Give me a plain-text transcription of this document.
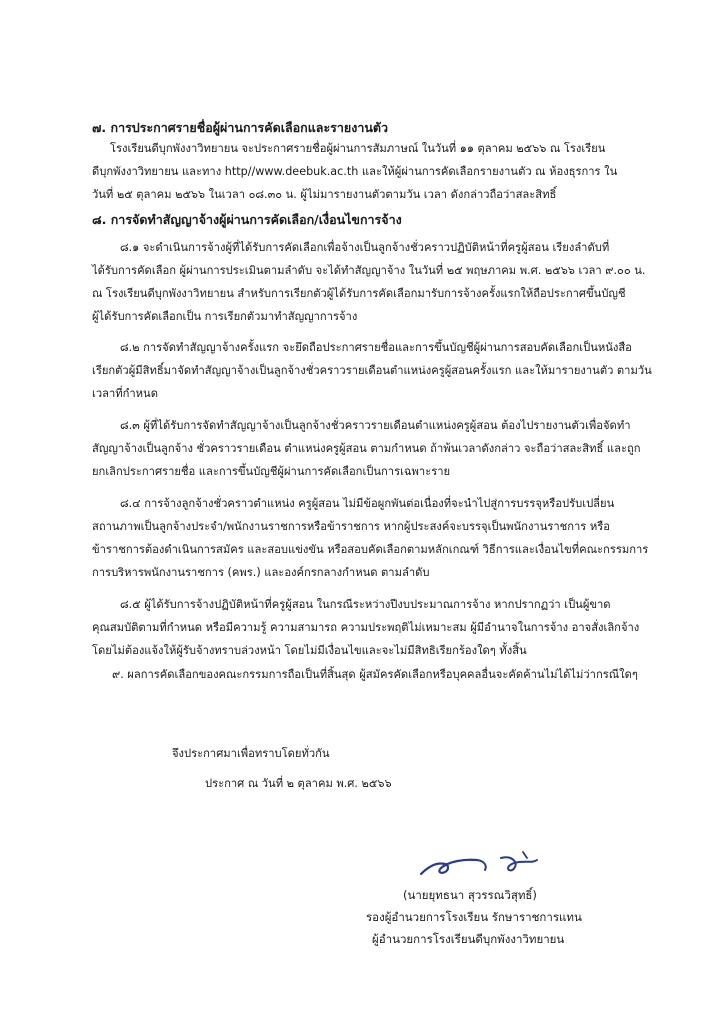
๗. การประกาศรายชื่อผู้ผ่านการคัดเลือกและรายงานตัว
โรงเรียนดีบุกพังงาวิทยายน จะประกาศรายชื่อผู้ผ่านการสัมภาษณ์ ในวันที่ ๑๑ ตุลาคม ๒๕๖๖ ณ โรงเรียน
ดีบุกพังงาวิทยายน และทาง http//www.deebuk.ac.th และให้ผู้ผ่านการคัดเลือกรายงานตัว ณ ห้องธุรการ ใน
วันที่ ๒๕ ตุลาคม ๒๕๖๖ ในเวลา ๐๘.๓๐ น. ผู้ไม่มารายงานตัวตามวัน เวลา ดังกล่าวถือว่าสละสิทธิ์
๘. การจัดทำสัญญาจ้างผู้ผ่านการคัดเลือก/เงื่อนไขการจ้าง
๘.๑ จะดำเนินการจ้างผู้ที่ได้รับการคัดเลือกเพื่อจ้างเป็นลูกจ้างชั่วคราวปฏิบัติหน้าที่ครูผู้สอน เรียงลำดับที่
ได้รับการคัดเลือก ผู้ผ่านการประเมินตามลำดับ จะได้ทำสัญญาจ้าง ในวันที่ ๒๕ พฤษภาคม พ.ศ. ๒๕๖๖ เวลา ๙.๐๐ น.
ณ โรงเรียนดีบุกพังงาวิทยายน สำหรับการเรียกตัวผู้ได้รับการคัดเลือกมารับการจ้างครั้งแรกให้ถือประกาศขึ้นบัญชี
ผู้ได้รับการคัดเลือกเป็น การเรียกตัวมาทำสัญญาการจ้าง
๘.๒ การจัดทำสัญญาจ้างครั้งแรก จะยึดถือประกาศรายชื่อและการขึ้นบัญชีผู้ผ่านการสอบคัดเลือกเป็นหนังสือ
เรียกตัวผู้มีสิทธิ์มาจัดทำสัญญาจ้างเป็นลูกจ้างชั่วคราวรายเดือนตำแหน่งครูผู้สอนครั้งแรก และให้มารายงานตัว ตามวัน
เวลาที่กำหนด
๘.๓ ผู้ที่ได้รับการจัดทำสัญญาจ้างเป็นลูกจ้างชั่วคราวรายเดือนตำแหน่งครูผู้สอน ต้องไปรายงานตัวเพื่อจัดทำ
สัญญาจ้างเป็นลูกจ้าง ชั่วคราวรายเดือน ตำแหน่งครูผู้สอน ตามกำหนด ถ้าพ้นเวลาดังกล่าว จะถือว่าสละสิทธิ์ และถูก
ยกเลิกประกาศรายชื่อ และการขึ้นบัญชีผู้ผ่านการคัดเลือกเป็นการเฉพาะราย
๘.๔ การจ้างลูกจ้างชั่วคราวตำแหน่ง ครูผู้สอน ไม่มีข้อผูกพันต่อเนื่องที่จะนำไปสู่การบรรจุหรือปรับเปลี่ยน
สถานภาพเป็นลูกจ้างประจำ/พนักงานราชการหรือข้าราชการ หากผู้ประสงค์จะบรรจุเป็นพนักงานราชการ หรือ
ข้าราชการต้องดำเนินการสมัคร และสอบแข่งขัน หรือสอบคัดเลือกตามหลักเกณฑ์ วิธีการและเงื่อนไขที่คณะกรรมการ
การบริหารพนักงานราชการ (คพร.) และองค์กรกลางกำหนด ตามลำดับ
๘.๕ ผู้ได้รับการจ้างปฏิบัติหน้าที่ครูผู้สอน ในกรณีระหว่างปีงบประมาณการจ้าง หากปรากฏว่า เป็นผู้ขาด
คุณสมบัติตามที่กำหนด หรือมีความรู้ ความสามารถ ความประพฤติไม่เหมาะสม ผู้มีอำนาจในการจ้าง อาจสั่งเลิกจ้าง
โดยไม่ต้องแจ้งให้ผู้รับจ้างทราบล่วงหน้า โดยไม่มีเงื่อนไขและจะไม่มีสิทธิเรียกร้องใดๆ ทั้งสิ้น
๙. ผลการคัดเลือกของคณะกรรมการถือเป็นที่สิ้นสุด ผู้สมัครคัดเลือกหรือบุคคลอื่นจะคัดค้านไม่ได้ไม่ว่ากรณีใดๆ
จึงประกาศมาเพื่อทราบโดยทั่วกัน
ประกาศ ณ วันที่ ๒ ตุลาคม พ.ศ. ๒๕๖๖
(นายยุทธนา สุวรรณวิสุทธิ์)
รองผู้อำนวยการโรงเรียน รักษาราชการแทน
ผู้อำนวยการโรงเรียนดีบุกพังงาวิทยายน
